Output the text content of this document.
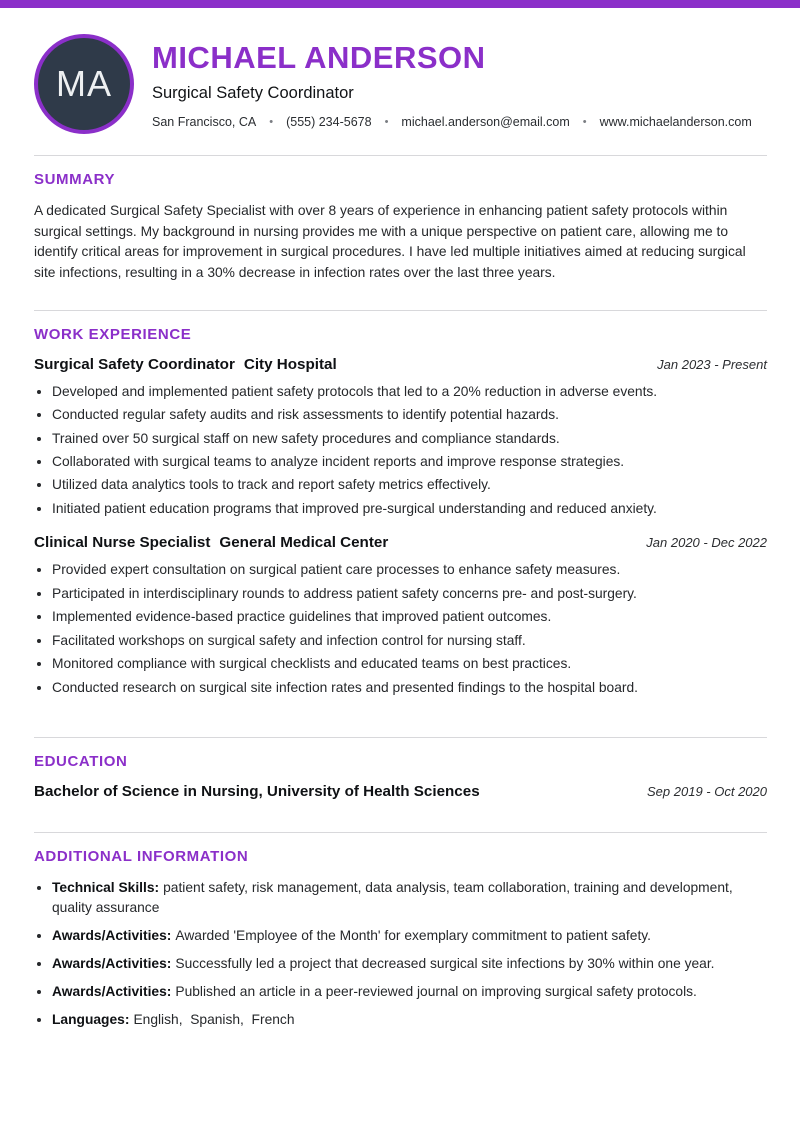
MA
MICHAEL ANDERSON
Surgical Safety Coordinator
San Francisco, CA • (555) 234-5678 • michael.anderson@email.com • www.michaelanderson.com
SUMMARY

A dedicated Surgical Safety Specialist with over 8 years of experience in enhancing patient safety protocols within surgical settings. My background in nursing provides me with a unique perspective on patient care, allowing me to identify critical areas for improvement in surgical procedures. I have led multiple initiatives aimed at reducing surgical site infections, resulting in a 30% decrease in infection rates over the last three years.

WORK EXPERIENCE
Surgical Safety Coordinator City Hospital	Jan 2023 - Present
• Developed and implemented patient safety protocols that led to a 20% reduction in adverse events.
• Conducted regular safety audits and risk assessments to identify potential hazards.
• Trained over 50 surgical staff on new safety procedures and compliance standards.
• Collaborated with surgical teams to analyze incident reports and improve response strategies.
• Utilized data analytics tools to track and report safety metrics effectively.
• Initiated patient education programs that improved pre-surgical understanding and reduced anxiety.
Clinical Nurse Specialist General Medical Center	Jan 2020 - Dec 2022
• Provided expert consultation on surgical patient care processes to enhance safety measures.
• Participated in interdisciplinary rounds to address patient safety concerns pre- and post-surgery.
• Implemented evidence-based practice guidelines that improved patient outcomes.
• Facilitated workshops on surgical safety and infection control for nursing staff.
• Monitored compliance with surgical checklists and educated teams on best practices.
• Conducted research on surgical site infection rates and presented findings to the hospital board.
EDUCATION
Bachelor of Science in Nursing, University of Health Sciences	Sep 2019 - Oct 2020
ADDITIONAL INFORMATION
• Technical Skills: patient safety, risk management, data analysis, team collaboration, training and development, quality assurance
• Awards/Activities: Awarded 'Employee of the Month' for exemplary commitment to patient safety.
• Awards/Activities: Successfully led a project that decreased surgical site infections by 30% within one year.
• Awards/Activities: Published an article in a peer-reviewed journal on improving surgical safety protocols.
• Languages: English,  Spanish,  French
